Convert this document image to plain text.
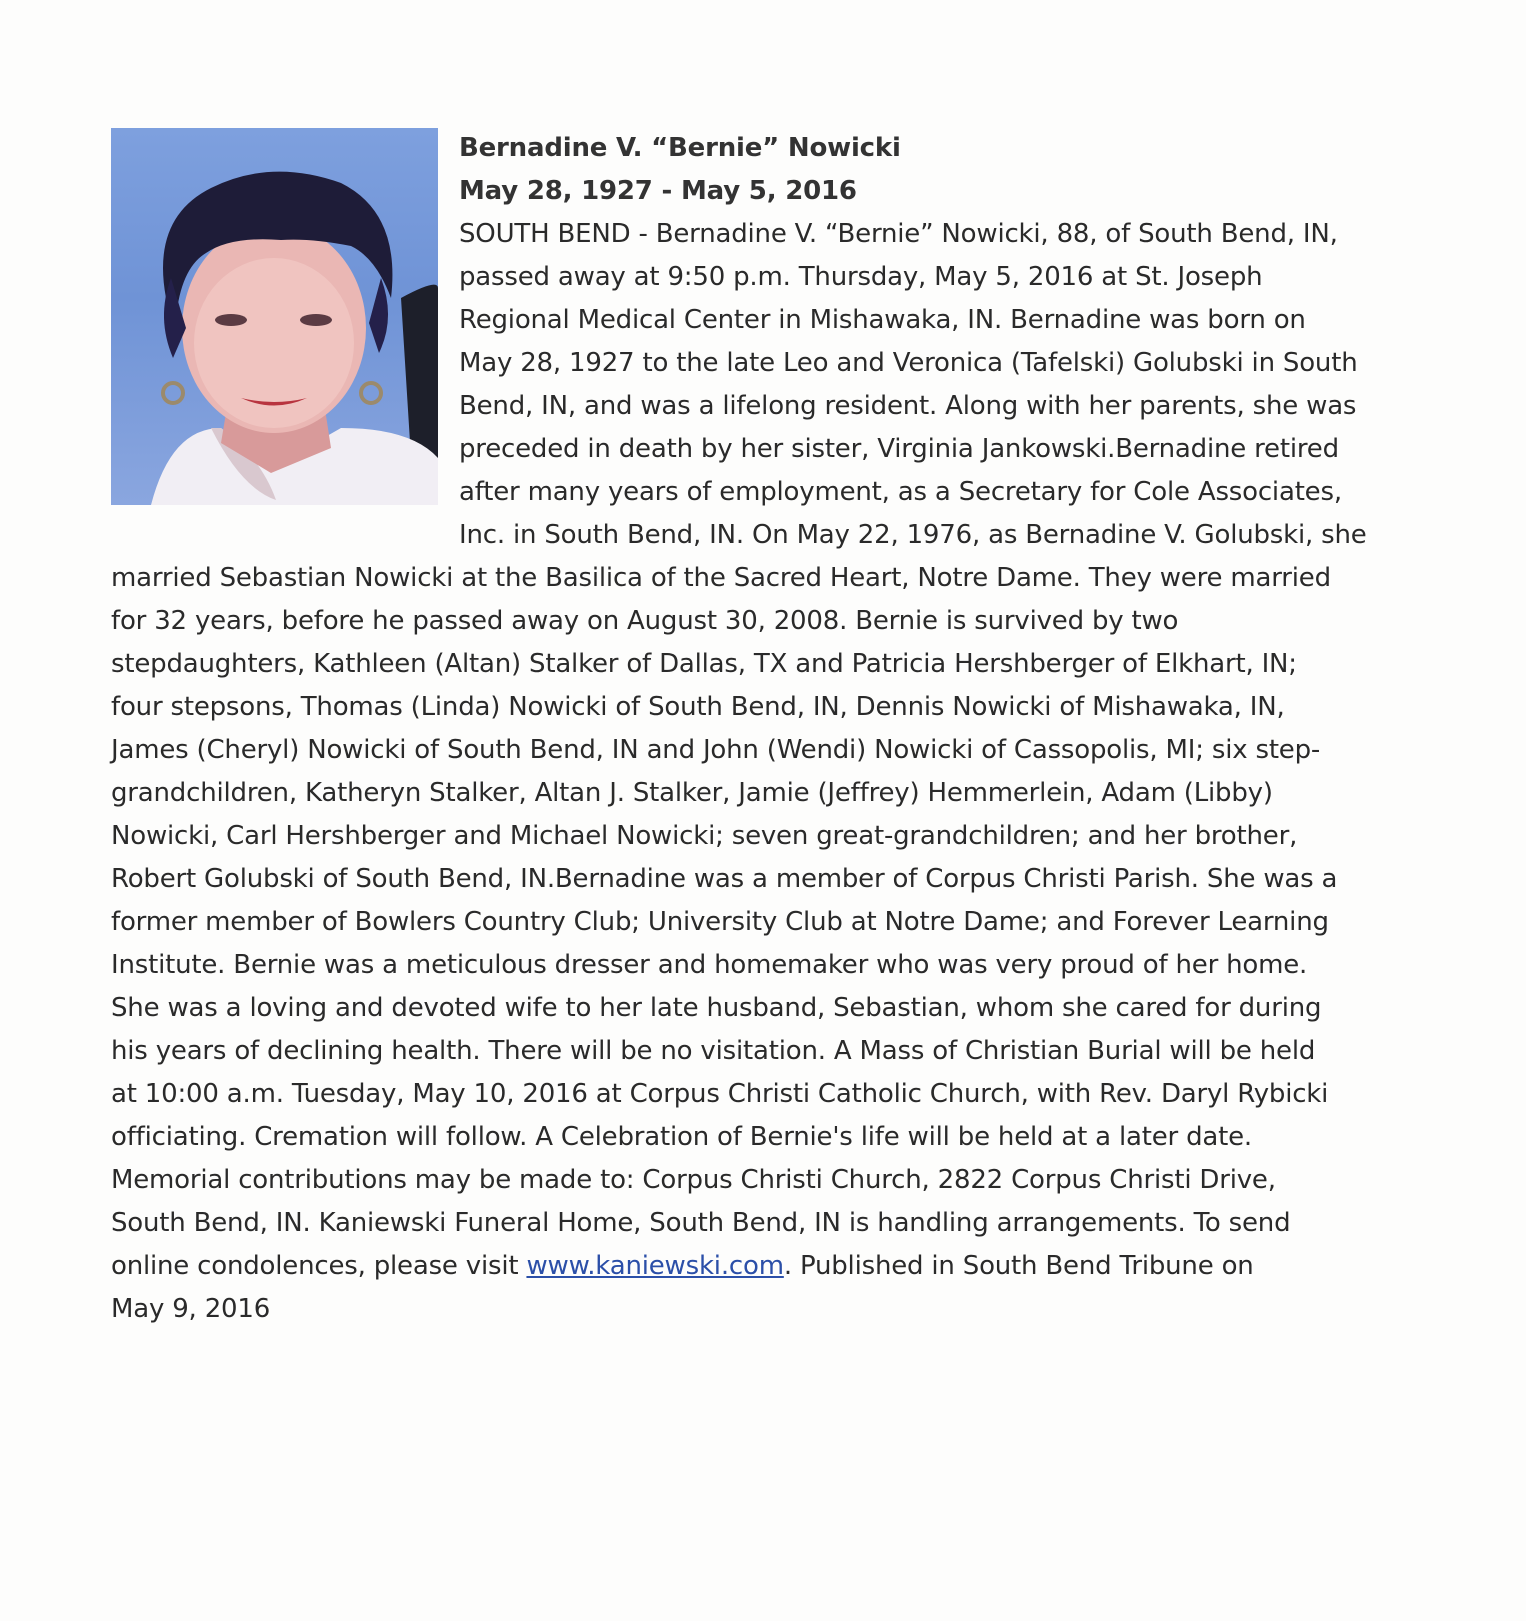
Bernadine V. “Bernie” Nowicki
May 28, 1927 - May 5, 2016
SOUTH BEND - Bernadine V. “Bernie” Nowicki, 88, of South Bend, IN,
passed away at 9:50 p.m. Thursday, May 5, 2016 at St. Joseph
Regional Medical Center in Mishawaka, IN. Bernadine was born on
May 28, 1927 to the late Leo and Veronica (Tafelski) Golubski in South
Bend, IN, and was a lifelong resident. Along with her parents, she was
preceded in death by her sister, Virginia Jankowski.Bernadine retired
after many years of employment, as a Secretary for Cole Associates,
Inc. in South Bend, IN. On May 22, 1976, as Bernadine V. Golubski, she
married Sebastian Nowicki at the Basilica of the Sacred Heart, Notre Dame. They were married
for 32 years, before he passed away on August 30, 2008. Bernie is survived by two
stepdaughters, Kathleen (Altan) Stalker of Dallas, TX and Patricia Hershberger of Elkhart, IN;
four stepsons, Thomas (Linda) Nowicki of South Bend, IN, Dennis Nowicki of Mishawaka, IN,
James (Cheryl) Nowicki of South Bend, IN and John (Wendi) Nowicki of Cassopolis, MI; six step-
grandchildren, Katheryn Stalker, Altan J. Stalker, Jamie (Jeffrey) Hemmerlein, Adam (Libby)
Nowicki, Carl Hershberger and Michael Nowicki; seven great-grandchildren; and her brother,
Robert Golubski of South Bend, IN.Bernadine was a member of Corpus Christi Parish. She was a
former member of Bowlers Country Club; University Club at Notre Dame; and Forever Learning
Institute. Bernie was a meticulous dresser and homemaker who was very proud of her home.
She was a loving and devoted wife to her late husband, Sebastian, whom she cared for during
his years of declining health. There will be no visitation. A Mass of Christian Burial will be held
at 10:00 a.m. Tuesday, May 10, 2016 at Corpus Christi Catholic Church, with Rev. Daryl Rybicki
officiating. Cremation will follow. A Celebration of Bernie's life will be held at a later date.
Memorial contributions may be made to: Corpus Christi Church, 2822 Corpus Christi Drive,
South Bend, IN. Kaniewski Funeral Home, South Bend, IN is handling arrangements. To send
online condolences, please visit www.kaniewski.com. Published in South Bend Tribune on
May 9, 2016
